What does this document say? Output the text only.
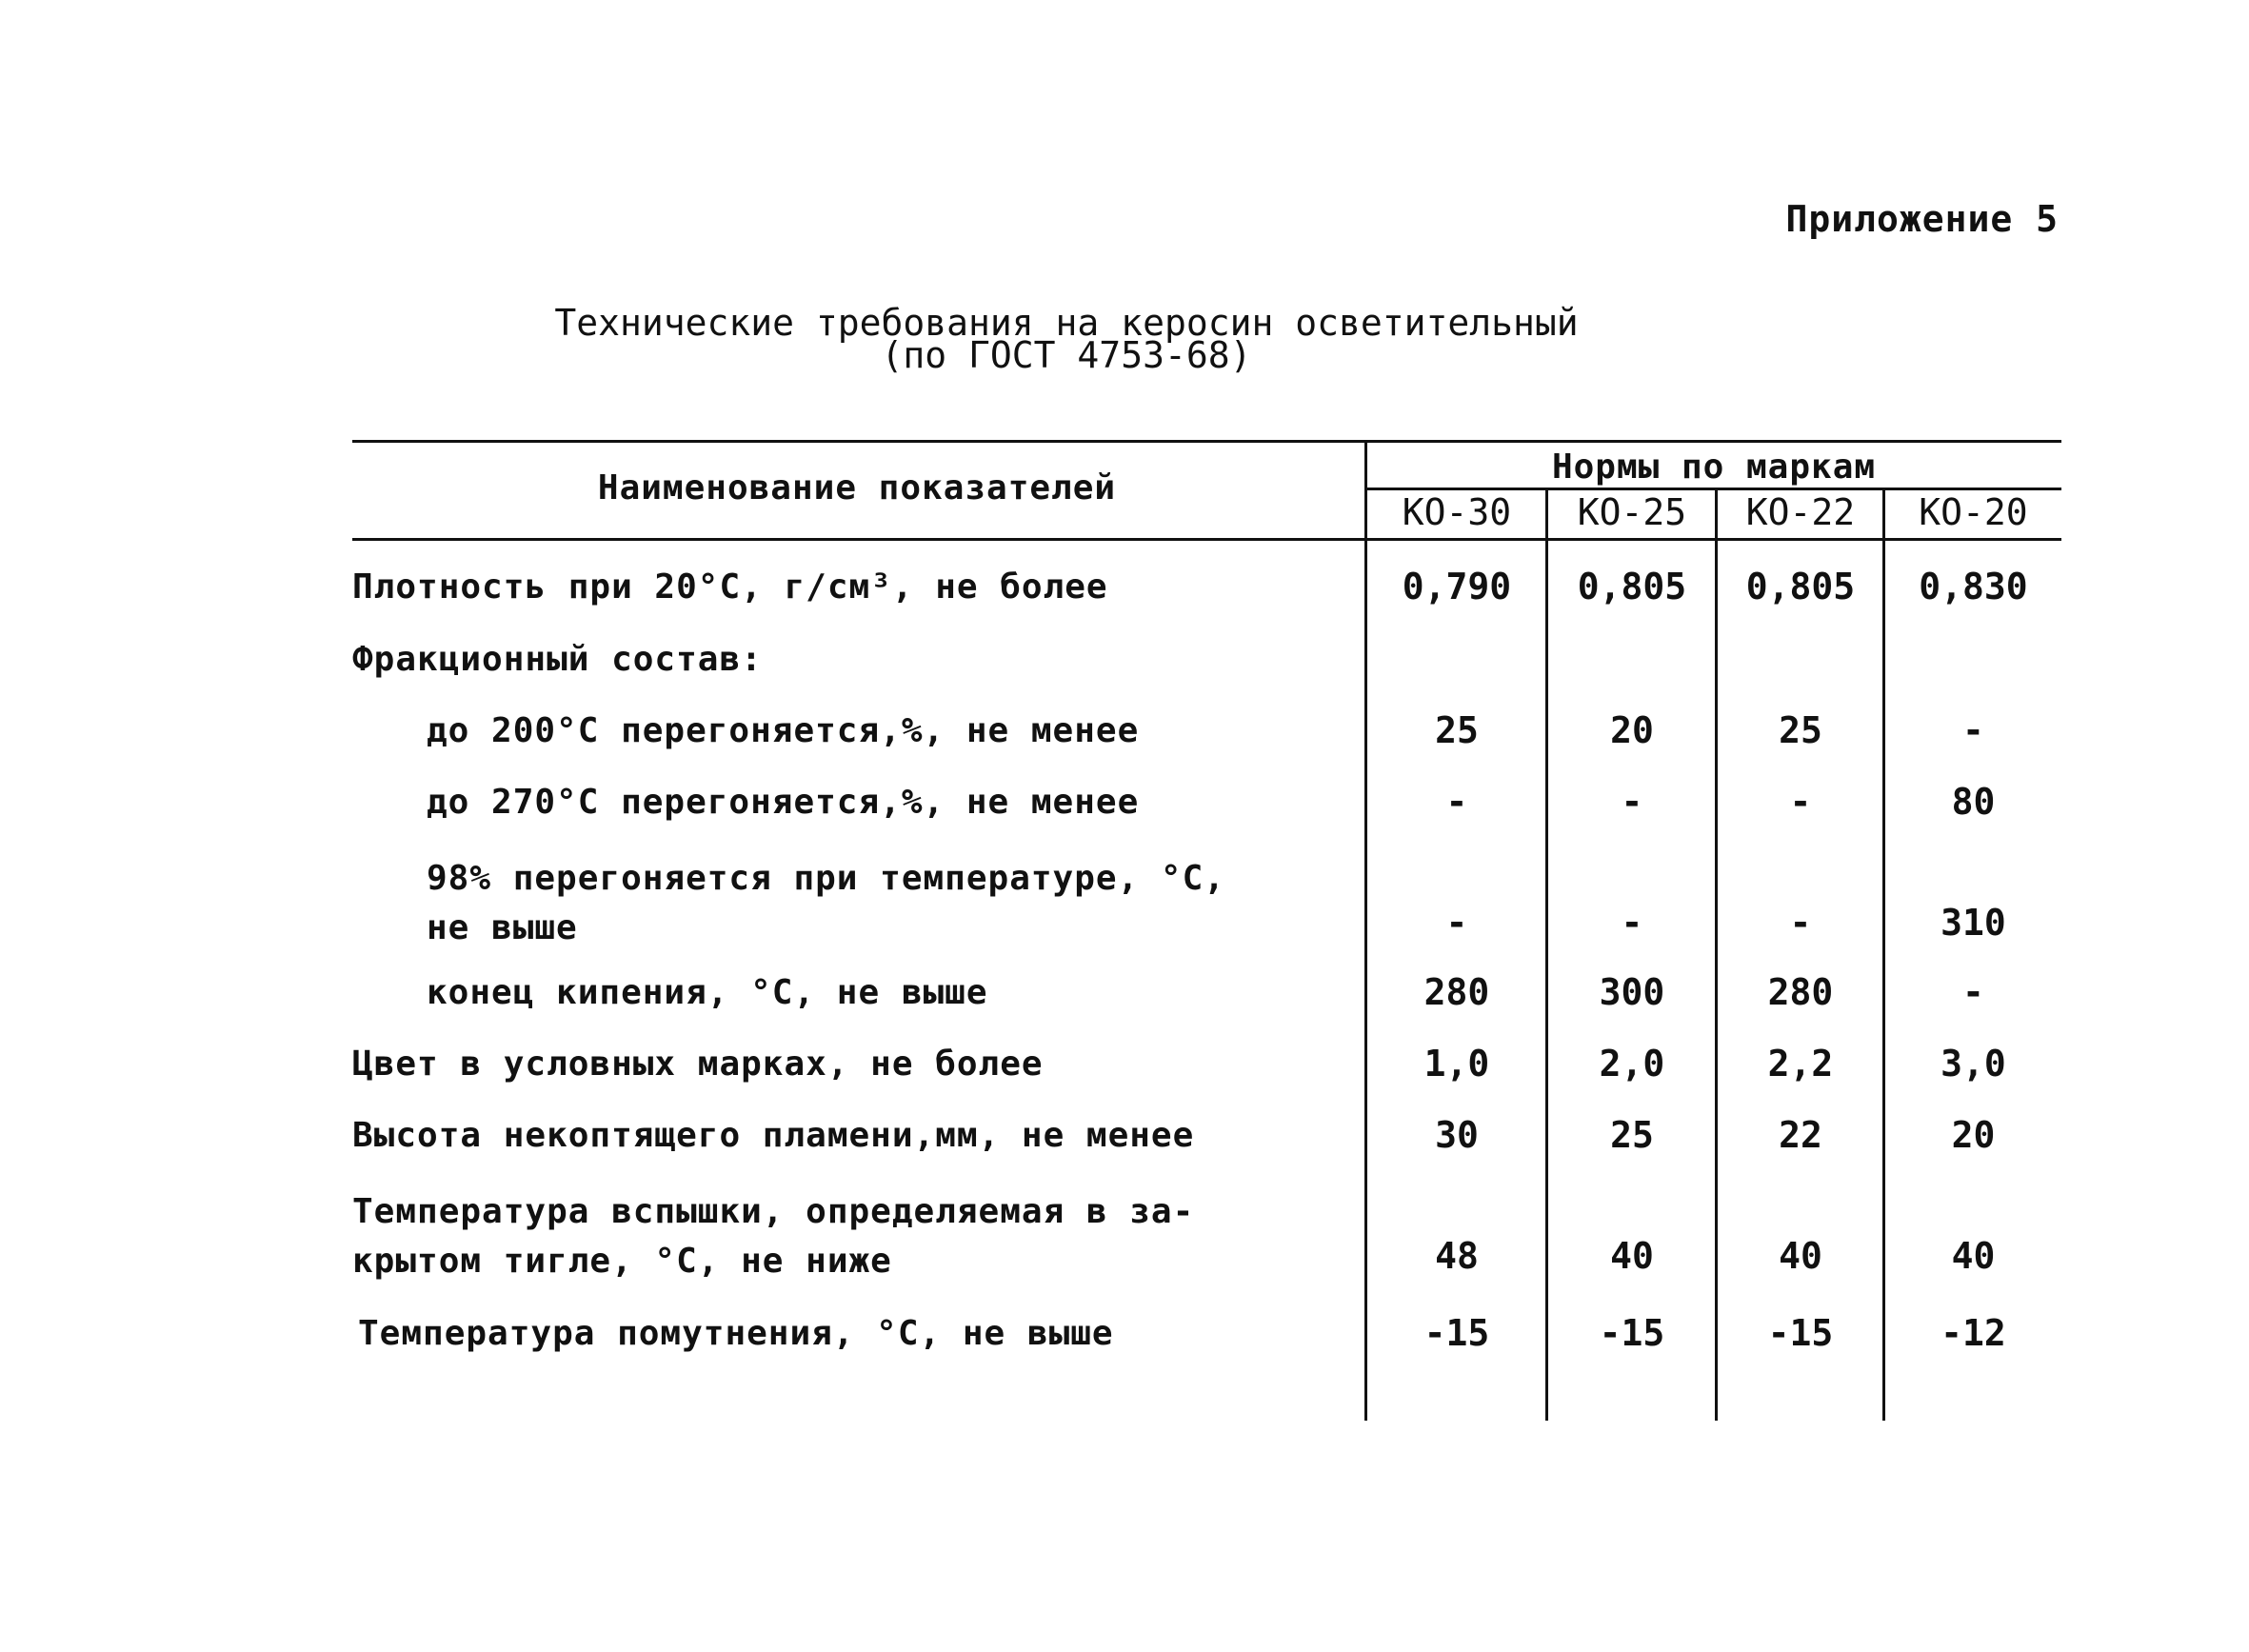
Приложение 5
Технические требования на керосин осветительный
(по ГОСТ 4753-68)
Наименование показателей
Нормы по маркам
КО-30	КО-25	КО-22	КО-20
Плотность при 20°С, г/см³, не более	0,790	0,805	0,805	0,830
Фракционный состав:
до 200°С перегоняется,%, не менее	25	20	25	-
до 270°С перегоняется,%, не менее	-	-	-	80
98% перегоняется при температуре, °С,
не выше	-	-	-	310
конец кипения, °С, не выше	280	300	280	-
Цвет в условных марках, не более	1,0	2,0	2,2	3,0
Высота некоптящего пламени,мм, не менее	30	25	22	20
Температура вспышки, определяемая в за-
крытом тигле, °С, не ниже	48	40	40	40
Температура помутнения, °С, не выше	-15	-15	-15	-12
